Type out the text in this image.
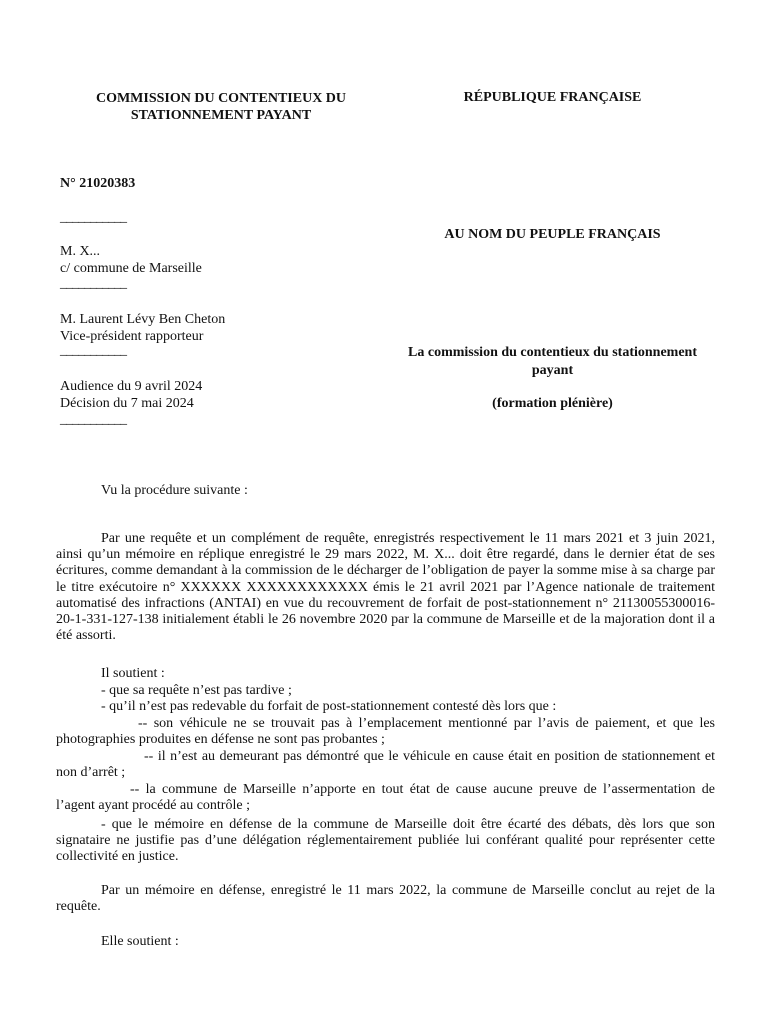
COMMISSION DU CONTENTIEUX DU
STATIONNEMENT PAYANT
RÉPUBLIQUE FRANÇAISE
N° 21020383
___________
M. X...
c/ commune de Marseille
___________
M. Laurent Lévy Ben Cheton
Vice-président rapporteur
___________
Audience du 9 avril 2024
Décision du 7 mai 2024
___________
AU NOM DU PEUPLE FRANÇAIS
La commission du contentieux du stationnement
payant
(formation plénière)
Vu la procédure suivante :
Par une requête et un complément de requête, enregistrés respectivement le 11 mars 2021 et 3 juin 2021, ainsi qu’un mémoire en réplique enregistré le 29 mars 2022, M. X... doit être regardé, dans le dernier état de ses écritures, comme demandant à la commission de le décharger de l’obligation de payer la somme mise à sa charge par le titre exécutoire n° XXXXXX XXXXXXXXXXXX émis le 21 avril 2021 par l’Agence nationale de traitement automatisé des infractions (ANTAI) en vue du recouvrement de forfait de post-stationnement n° 21130055300016-20-1-331-127-138 initialement établi le 26 novembre 2020 par la commune de Marseille et de la majoration dont il a été assorti.
Il soutient :
- que sa requête n’est pas tardive ;
- qu’il n’est pas redevable du forfait de post-stationnement contesté dès lors que :
-- son véhicule ne se trouvait pas à l’emplacement mentionné par l’avis de paiement, et que les photographies produites en défense ne sont pas probantes ;
-- il n’est au demeurant pas démontré que le véhicule en cause était en position de stationnement et non d’arrêt ;
-- la commune de Marseille n’apporte en tout état de cause aucune preuve de l’assermentation de l’agent ayant procédé au contrôle ;
- que le mémoire en défense de la commune de Marseille doit être écarté des débats, dès lors que son signataire ne justifie pas d’une délégation réglementairement publiée lui conférant qualité pour représenter cette collectivité en justice.
Par un mémoire en défense, enregistré le 11 mars 2022, la commune de Marseille conclut au rejet de la requête.
Elle soutient :
